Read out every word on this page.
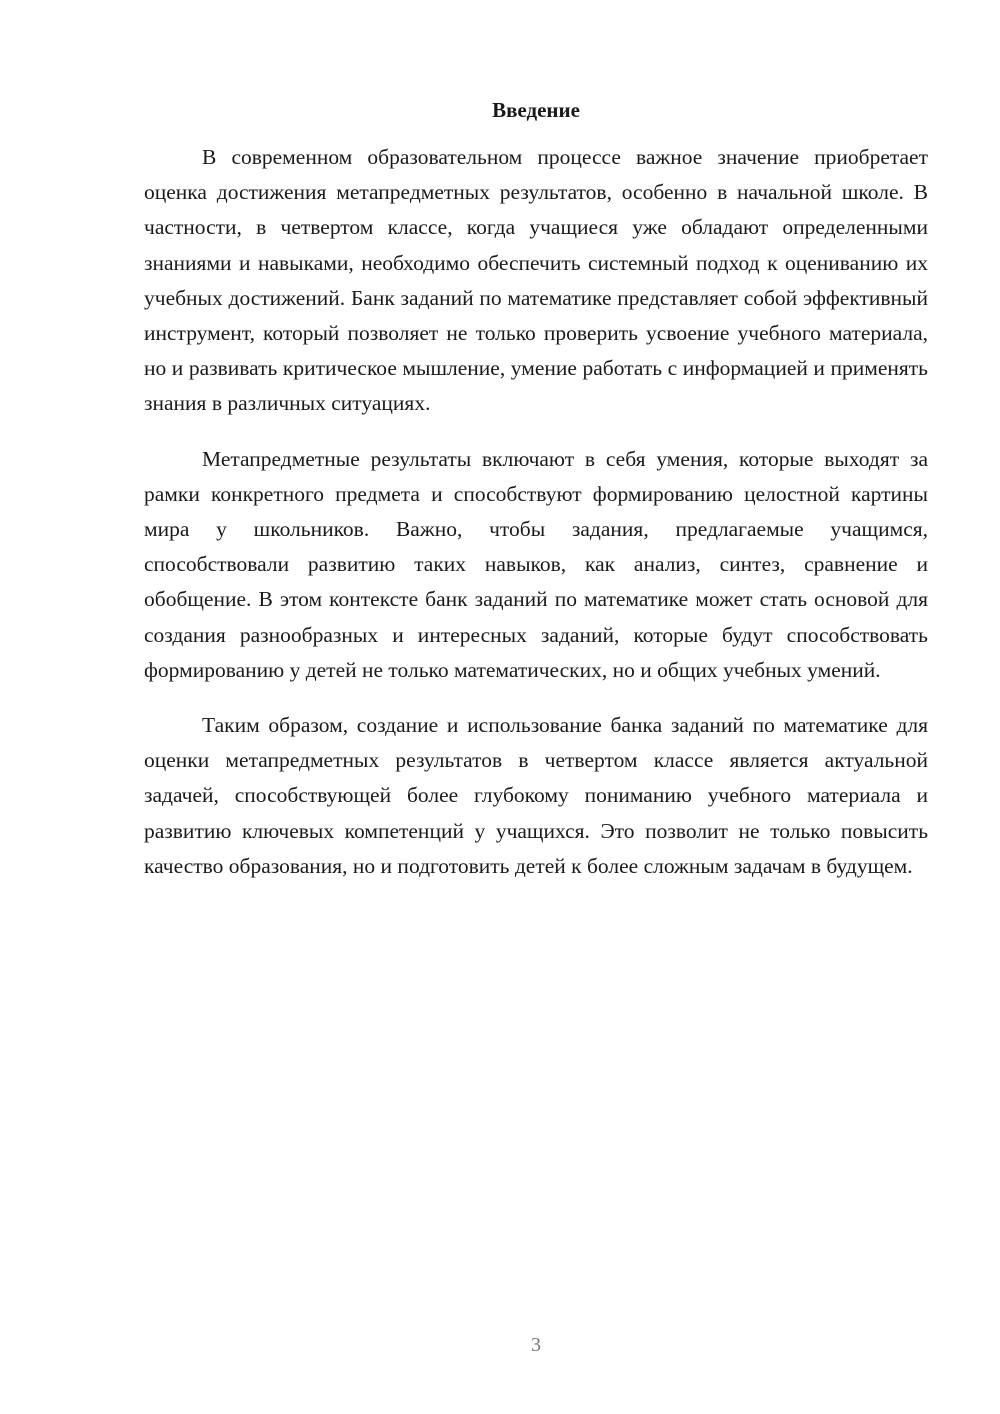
Введение

В современном образовательном процессе важное значение приобретает оценка достижения метапредметных результатов, особенно в начальной школе. В частности, в четвертом классе, когда учащиеся уже обладают определенными знаниями и навыками, необходимо обеспечить системный подход к оцениванию их учебных достижений. Банк заданий по математике представляет собой эффективный инструмент, который позволяет не только проверить усвоение учебного материала, но и развивать критическое мышление, умение работать с информацией и применять знания в различных ситуациях.

Метапредметные результаты включают в себя умения, которые выходят за рамки конкретного предмета и способствуют формированию целостной картины мира у школьников. Важно, чтобы задания, предлагаемые учащимся, способствовали развитию таких навыков, как анализ, синтез, сравнение и обобщение. В этом контексте банк заданий по математике может стать основой для создания разнообразных и интересных заданий, которые будут способствовать формированию у детей не только математических, но и общих учебных умений.

Таким образом, создание и использование банка заданий по математике для оценки метапредметных результатов в четвертом классе является актуальной задачей, способствующей более глубокому пониманию учебного материала и развитию ключевых компетенций у учащихся. Это позволит не только повысить качество образования, но и подготовить детей к более сложным задачам в будущем.

3
